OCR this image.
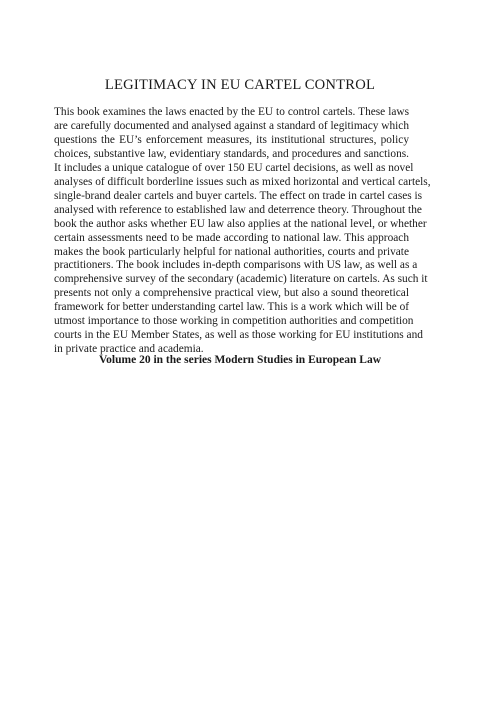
LEGITIMACY IN EU CARTEL CONTROL
This book examines the laws enacted by the EU to control cartels. These laws
are carefully documented and analysed against a standard of legitimacy which
questions the EU’s enforcement measures, its institutional structures, policy
choices, substantive law, evidentiary standards, and procedures and sanctions.
It includes a unique catalogue of over 150 EU cartel decisions, as well as novel
analyses of difficult borderline issues such as mixed horizontal and vertical cartels,
single-brand dealer cartels and buyer cartels. The effect on trade in cartel cases is
analysed with reference to established law and deterrence theory. Throughout the
book the author asks whether EU law also applies at the national level, or whether
certain assessments need to be made according to national law. This approach
makes the book particularly helpful for national authorities, courts and private
practitioners. The book includes in-depth comparisons with US law, as well as a
comprehensive survey of the secondary (academic) literature on cartels. As such it
presents not only a comprehensive practical view, but also a sound theoretical
framework for better understanding cartel law. This is a work which will be of
utmost importance to those working in competition authorities and competition
courts in the EU Member States, as well as those working for EU institutions and
in private practice and academia.
Volume 20 in the series Modern Studies in European Law
